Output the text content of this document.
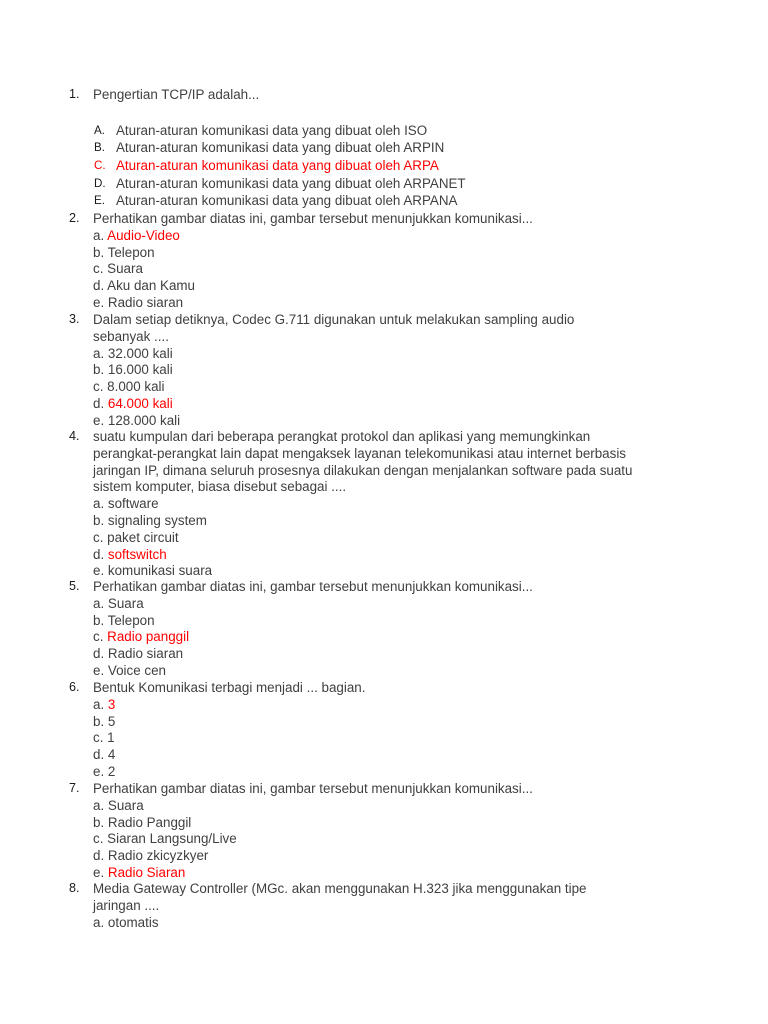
1. Pengertian TCP/IP adalah...
A. Aturan-aturan komunikasi data yang dibuat oleh ISO
B. Aturan-aturan komunikasi data yang dibuat oleh ARPIN
C. Aturan-aturan komunikasi data yang dibuat oleh ARPA
D. Aturan-aturan komunikasi data yang dibuat oleh ARPANET
E. Aturan-aturan komunikasi data yang dibuat oleh ARPANA
2. Perhatikan gambar diatas ini, gambar tersebut menunjukkan komunikasi...
a. Audio-Video
b. Telepon
c. Suara
d. Aku dan Kamu
e. Radio siaran
3. Dalam setiap detiknya, Codec G.711 digunakan untuk melakukan sampling audio
sebanyak ....
a. 32.000 kali
b. 16.000 kali
c. 8.000 kali
d. 64.000 kali
e. 128.000 kali
4. suatu kumpulan dari beberapa perangkat protokol dan aplikasi yang memungkinkan
perangkat-perangkat lain dapat mengaksek layanan telekomunikasi atau internet berbasis
jaringan IP, dimana seluruh prosesnya dilakukan dengan menjalankan software pada suatu
sistem komputer, biasa disebut sebagai ....
a. software
b. signaling system
c. paket circuit
d. softswitch
e. komunikasi suara
5. Perhatikan gambar diatas ini, gambar tersebut menunjukkan komunikasi...
a. Suara
b. Telepon
c. Radio panggil
d. Radio siaran
e. Voice cen
6. Bentuk Komunikasi terbagi menjadi ... bagian.
a. 3
b. 5
c. 1
d. 4
e. 2
7. Perhatikan gambar diatas ini, gambar tersebut menunjukkan komunikasi...
a. Suara
b. Radio Panggil
c. Siaran Langsung/Live
d. Radio zkicyzkyer
e. Radio Siaran
8. Media Gateway Controller (MGc. akan menggunakan H.323 jika menggunakan tipe
jaringan ....
a. otomatis
